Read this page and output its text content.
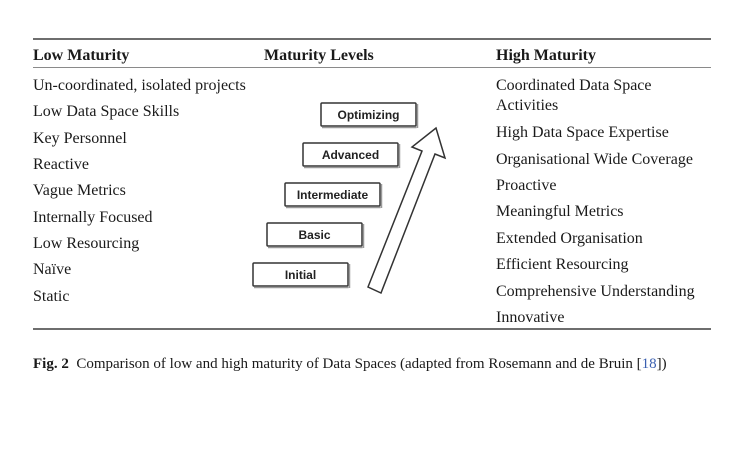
Low Maturity	Maturity Levels	High Maturity
Un-coordinated, isolated projects
Low Data Space Skills
Key Personnel
Reactive
Vague Metrics
Internally Focused
Low Resourcing
Naïve
Static
Coordinated Data Space
Activities
High Data Space Expertise
Organisational Wide Coverage
Proactive
Meaningful Metrics
Extended Organisation
Efficient Resourcing
Comprehensive Understanding
Innovative
Initial
Basic
Intermediate
Advanced
Optimizing
Fig. 2 Comparison of low and high maturity of Data Spaces (adapted from Rosemann and de Bruin [18])
